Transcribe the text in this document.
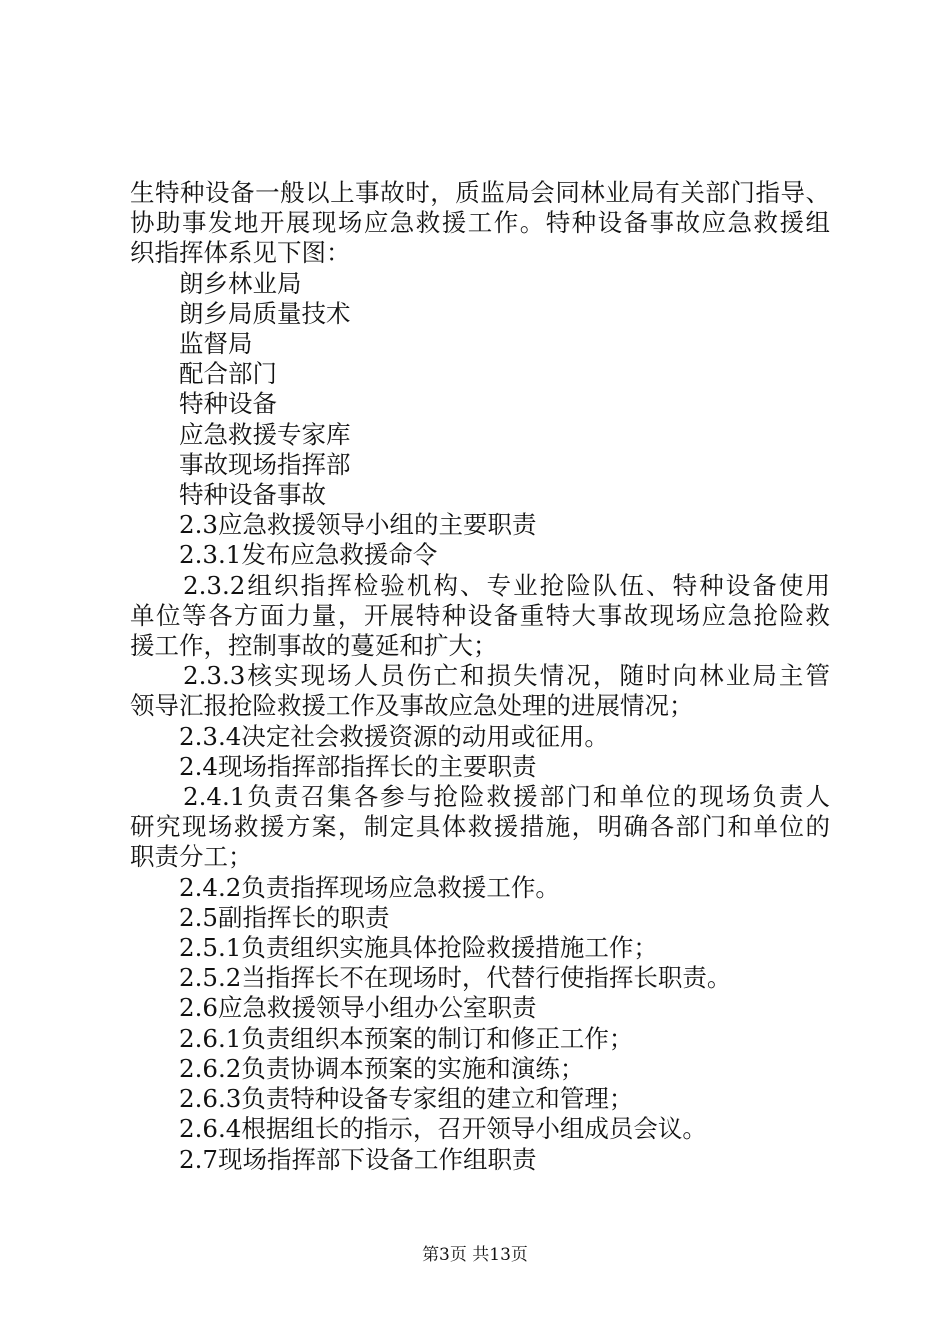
生特种设备一般以上事故时，质监局会同林业局有关部门指导、
协助事发地开展现场应急救援工作。特种设备事故应急救援组
织指挥体系见下图：
朗乡林业局
朗乡局质量技术
监督局
配合部门
特种设备
应急救援专家库
事故现场指挥部
特种设备事故
2.3应急救援领导小组的主要职责
2.3.1发布应急救援命令
2.3.2组织指挥检验机构、专业抢险队伍、特种设备使用
单位等各方面力量，开展特种设备重特大事故现场应急抢险救
援工作，控制事故的蔓延和扩大；
2.3.3核实现场人员伤亡和损失情况，随时向林业局主管
领导汇报抢险救援工作及事故应急处理的进展情况；
2.3.4决定社会救援资源的动用或征用。
2.4现场指挥部指挥长的主要职责
2.4.1负责召集各参与抢险救援部门和单位的现场负责人
研究现场救援方案，制定具体救援措施，明确各部门和单位的
职责分工；
2.4.2负责指挥现场应急救援工作。
2.5副指挥长的职责
2.5.1负责组织实施具体抢险救援措施工作；
2.5.2当指挥长不在现场时，代替行使指挥长职责。
2.6应急救援领导小组办公室职责
2.6.1负责组织本预案的制订和修正工作；
2.6.2负责协调本预案的实施和演练；
2.6.3负责特种设备专家组的建立和管理；
2.6.4根据组长的指示，召开领导小组成员会议。
2.7现场指挥部下设备工作组职责
第3页 共13页
